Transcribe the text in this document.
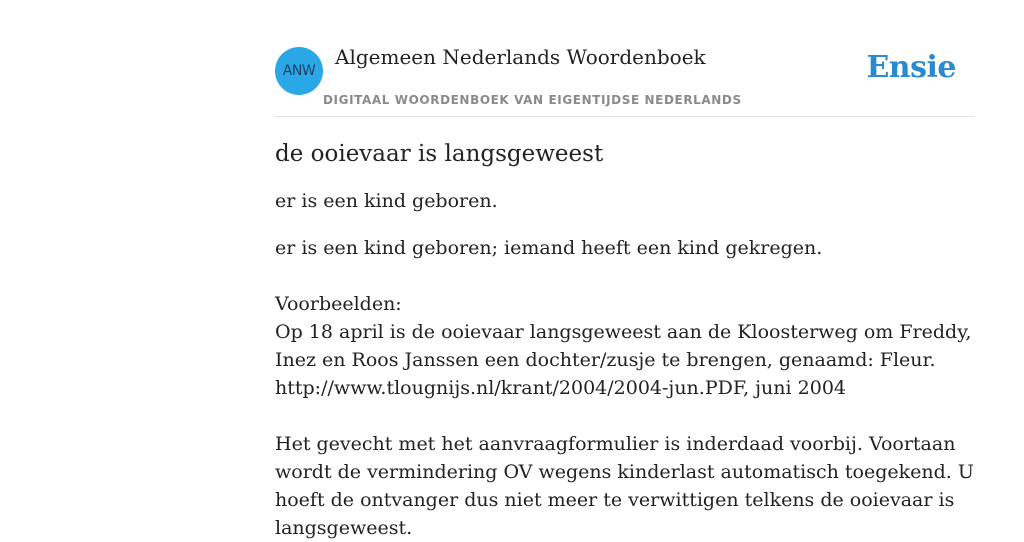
ANW
Algemeen Nederlands Woordenboek
DIGITAAL WOORDENBOEK VAN EIGENTIJDSE NEDERLANDS
Ensie
de ooievaar is langsgeweest

er is een kind geboren.

er is een kind geboren; iemand heeft een kind gekregen.

Voorbeelden:

Op 18 april is de ooievaar langsgeweest aan de Kloosterweg om Freddy, Inez en Roos Janssen een dochter/zusje te brengen, genaamd: Fleur.

http://www.tlougnijs.nl/krant/2004/2004-jun.PDF, juni 2004

Het gevecht met het aanvraagformulier is inderdaad voorbij. Voortaan wordt de vermindering OV wegens kinderlast automatisch toegekend. U hoeft de ontvanger dus niet meer te verwittigen telkens de ooievaar is langsgeweest.
